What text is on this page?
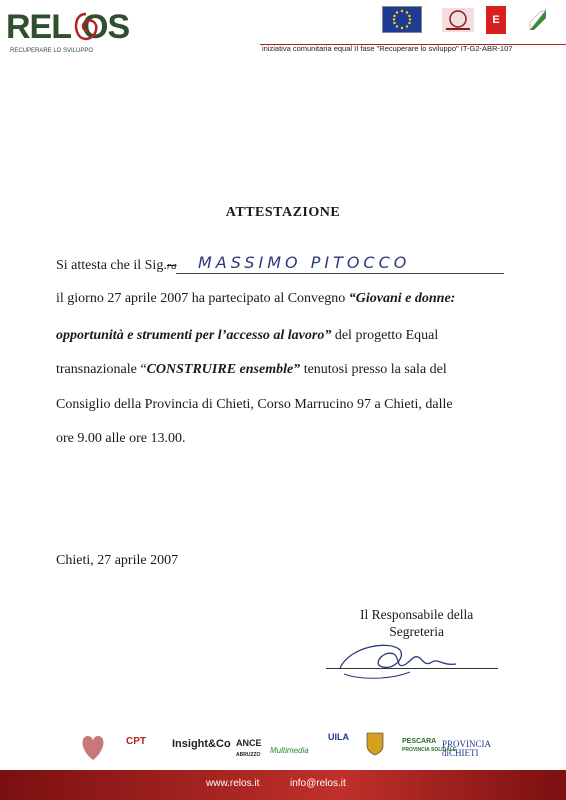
REL OS
RECUPERARE LO SVILUPPO
E
iniziativa comunitaria equal II fase "Recuperare lo sviluppo" IT-G2-ABR-107
ATTESTAZIONE
Si attesta che il Sig.ra MASSIMO PITOCCO
il giorno 27 aprile 2007 ha partecipato al Convegno “Giovani e donne:
opportunità e strumenti per l’accesso al lavoro” del progetto Equal
transnazionale “CONSTRUIRE ensemble” tenutosi presso la sala del
Consiglio della Provincia di Chieti, Corso Marrucino 97 a Chieti, dalle
ore 9.00 alle ore 13.00.
Chieti, 27 aprile 2007
Il Responsabile della
Segreteria
CPT Insight&Co ANCE
ABRUZZO Multimedia
UILA	PESCARA
PROVINCIA SOLIDALE
PROVINCIA
diCHIETI
www.relos.it	info@relos.it
